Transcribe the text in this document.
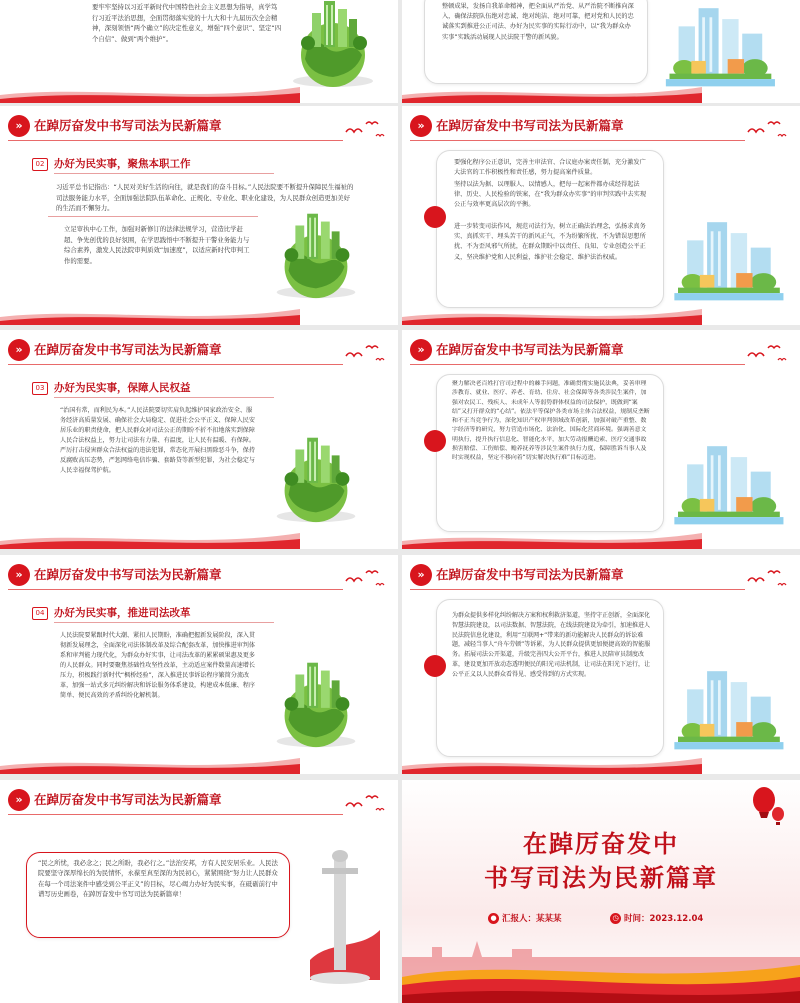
要牢牢坚持以习近平新时代中国特色社会主义思想为指导，真学笃行习近平法治思想，全面贯彻落实党的十九大和十九届历次全会精神，深刻领悟“两个确立”的决定性意义，增强“四个意识”、坚定“四个自信”、做到“两个维护”。
整顿成果，发扬自我革命精神，把全面从严治党、从严治院不断推向深入，确保法院队伍绝对忠诚、绝对纯洁、绝对可靠，把对党和人民的忠诚落实到推进公正司法、办好为民实事的实际行动中，以“我为群众办实事”实践活动展现人民法院干警的新风貌。
» 在踔厉奋发中书写司法为民新篇章
02 办好为民实事，聚焦本职工作
习近平总书记指出：“人民对美好生活的向往，就是我们的奋斗目标。”人民法院要不断提升保障民生福祉的司法服务能力水平，全面加强法院队伍革命化、正规化、专业化、职业化建设，为人民群众创造更加美好的生活而不懈努力。
立足审执中心工作，加强对新修订的法律法规学习，营造比学赶超、争先创优的良好氛围，在学思践悟中不断提升干警业务能力与综合素养，激发人民法院审判质效“加速度”，以适应新时代审判工作的需要。
» 在踔厉奋发中书写司法为民新篇章
要强化程序公正意识，完善主审法官、合议庭办案责任制，充分激发广大法官的工作积极性和责任感，努力提高案件质量。
坚持以法为据、以理服人、以情感人，把每一起案件都办成经得起法律、历史、人民检验的铁案，在“我为群众办实事”的审判实践中去实现公正与效率更高层次的平衡。
进一步转变司法作风，规范司法行为，树立正确法治理念，弘扬求真务实、真抓实干、埋头苦干的新风正气，不为纷繁所扰、不为错误思想所扰、不为歪风邪气所扰，在群众期盼中以责任、良知、专业创造公平正义，坚决维护党和人民利益，维护社会稳定、维护法治权威。
» 在踔厉奋发中书写司法为民新篇章
03 办好为民实事，保障人民权益
“治国有常，而利民为本。”人民法院要切实肩负起维护国家政治安全、服务经济高质量发展、确保社会大局稳定、促进社会公平正义、保障人民安居乐业的职责使命，把人民群众对司法公正的期盼不折不扣地落实到保障人民合法权益上，努力让司法有力量、有温度，让人民有温暖、有保障。严厉打击侵害群众合法权益的违法犯罪，常态化开展扫黑除恶斗争，保持反腐败高压态势，严惩网络电信诈骗、套路贷等新型犯罪，为社会稳定与人民幸福保驾护航。
» 在踔厉奋发中书写司法为民新篇章
聚力解决老百姓打官司过程中的棘手问题，准确贯彻实施民法典，妥善审理涉教育、就业、医疗、养老、育幼、住房、社会保障等各类涉民生案件，加强对农民工、残疾人、未成年人等弱势群体权益的司法保护，既做到“案结”又打开群众的“心结”。依法平等保护各类市场主体合法权益，规制反垄断和不正当竞争行为，深化知识产权审判领域改革创新，加强对破产重整、数字经济等的研究，努力营造市场化、法治化、国际化营商环境。强调善意文明执行，提升执行信息化、智能化水平，加大劳动报酬追索、医疗交通事故损害赔偿、工伤赔偿、赡养抚养等涉民生案件执行力度，保障胜诉当事人及时实现权益，坚定不移向着“切实解决执行难”目标迈进。
» 在踔厉奋发中书写司法为民新篇章
04 办好为民实事，推进司法改革
人民法院要紧跟时代大潮、紧扣人民期盼，准确把握新发展阶段，深入贯彻新发展理念，全面深化司法体制改革及综合配套改革，加快推进审判体系和审判能力现代化，为群众办好实事，让司法改革的累累硕果惠及更多的人民群众。同时要聚焦基础性攻坚性改革，主动适应案件数量高速增长压力，积极践行新时代“枫桥经验”，深入推进民事诉讼程序繁简分流改革，加强一站式多元纠纷解决和诉讼服务体系建设，构建成本低廉、程序简单、便民高效的矛盾纠纷化解机制。
» 在踔厉奋发中书写司法为民新篇章
为群众提供多样化纠纷解决方案和权利救济渠道，坚持守正创新，全面深化智慧法院建设，以司法数据、智慧法院，在线法院建设为牵引，加速推进人民法院信息化建设，利用“互联网+”带来的新功能解决人民群众的诉讼难题，减轻当事人“舟车劳顿”等诉累，为人民群众提供更加便捷高效的智能服务。拓展司法公开渠道，升级完善四大公开平台，推进人民陪审员制度改革，建设更加开放动态透明便民的阳光司法机制，让司法在阳光下运行，让公平正义以人民群众看得见、感受得到的方式实现。
» 在踔厉奋发中书写司法为民新篇章
“民之所忧，我必念之；民之所盼，我必行之。”法治安邦，方有人民安居乐业。人民法院要坚守深厚绵长的为民情怀，永葆至真至深的为民初心，紧紧围绕“努力让人民群众在每一个司法案件中感受到公平正义”的目标，尽心竭力办好为民实事，在砥砺前行中谱写历史画卷，在踔厉奋发中书写司法为民新篇章！
在踔厉奋发中
书写司法为民新篇章
● 汇报人：某某某	◷ 时间：2023.12.04
